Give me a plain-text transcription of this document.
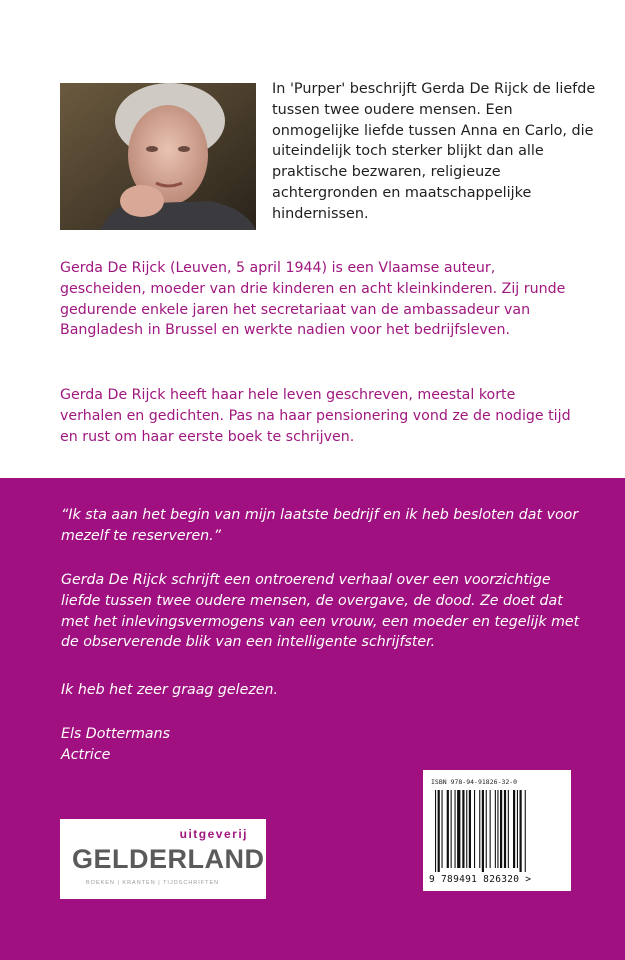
In 'Purper' beschrijft Gerda De Rijck de liefde tussen twee oudere mensen. Een onmogelijke liefde tussen Anna en Carlo, die uiteindelijk toch sterker blijkt dan alle praktische bezwaren, religieuze achtergronden en maatschappelijke hindernissen.

Gerda De Rijck (Leuven, 5 april 1944) is een Vlaamse auteur, gescheiden, moeder van drie kinderen en acht kleinkinderen. Zij runde gedurende enkele jaren het secretariaat van de ambassadeur van Bangladesh in Brussel en werkte nadien voor het bedrijfsleven.

Gerda De Rijck heeft haar hele leven geschreven, meestal korte verhalen en gedichten. Pas na haar pensionering vond ze de nodige tijd en rust om haar eerste boek te schrijven.

“Ik sta aan het begin van mijn laatste bedrijf en ik heb besloten dat voor mezelf te reserveren.”

Gerda De Rijck schrijft een ontroerend verhaal over een voorzichtige liefde tussen twee oudere mensen, de overgave, de dood. Ze doet dat met het inlevingsvermogens van een vrouw, een moeder en tegelijk met de observerende blik van een intelligente schrijfster.

Ik heb het zeer graag gelezen.

Els Dottermans
Actrice

uitgeverij
GELDERLAND
BOEKEN | KRANTEN | TIJDSCHRIFTEN
ISBN 978-94-91826-32-0
9 789491 826320 >
